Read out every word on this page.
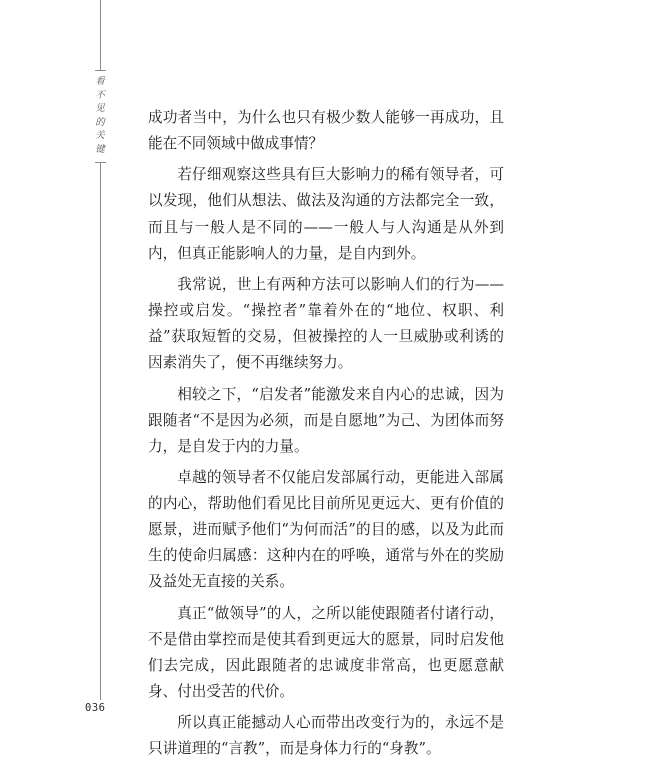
看不见的关键

成功者当中，为什么也只有极少数人能够一再成功，且能在不同领域中做成事情？

若仔细观察这些具有巨大影响力的稀有领导者，可以发现，他们从想法、做法及沟通的方法都完全一致，而且与一般人是不同的——一般人与人沟通是从外到内，但真正能影响人的力量，是自内到外。

我常说，世上有两种方法可以影响人们的行为——操控或启发。“操控者”靠着外在的“地位、权职、利益”获取短暂的交易，但被操控的人一旦威胁或利诱的因素消失了，便不再继续努力。

相较之下，“启发者”能激发来自内心的忠诚，因为跟随者“不是因为必须，而是自愿地”为己、为团体而努力，是自发于内的力量。

卓越的领导者不仅能启发部属行动，更能进入部属的内心，帮助他们看见比目前所见更远大、更有价值的愿景，进而赋予他们“为何而活”的目的感，以及为此而生的使命归属感：这种内在的呼唤，通常与外在的奖励及益处无直接的关系。

真正“做领导”的人，之所以能使跟随者付诸行动，不是借由掌控而是使其看到更远大的愿景，同时启发他们去完成，因此跟随者的忠诚度非常高，也更愿意献身、付出受苦的代价。

所以真正能撼动人心而带出改变行为的，永远不是只讲道理的“言教”，而是身体力行的“身教”。

036
